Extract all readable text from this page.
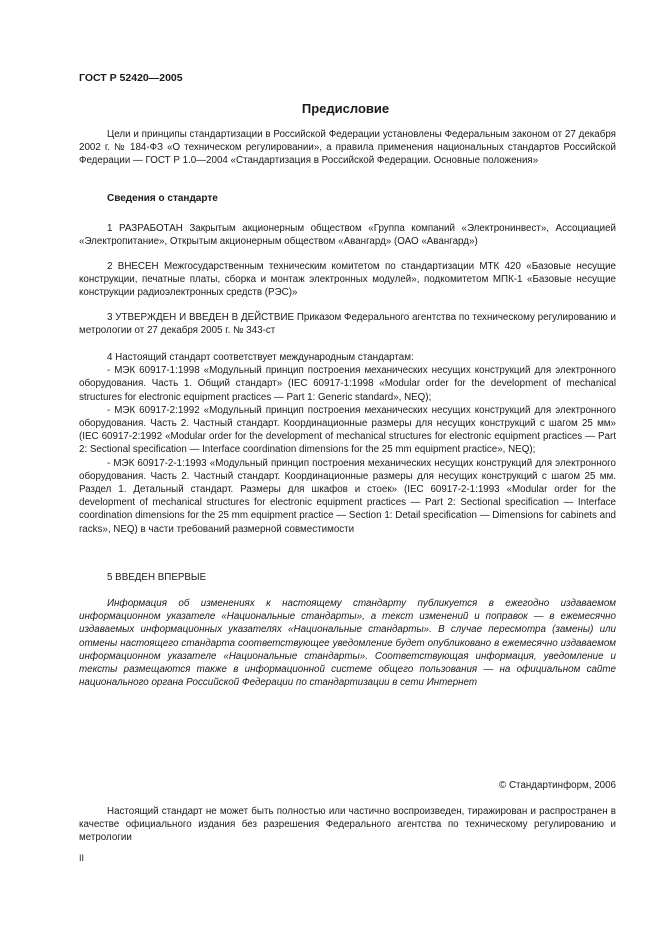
ГОСТ Р 52420—2005
Предисловие

Цели и принципы стандартизации в Российской Федерации установлены Федеральным законом от 27 декабря 2002 г. № 184-ФЗ «О техническом регулировании», а правила применения национальных стандартов Российской Федерации — ГОСТ Р 1.0—2004 «Стандартизация в Российской Федерации. Основные положения»

Сведения о стандарте

1 РАЗРАБОТАН Закрытым акционерным обществом «Группа компаний «Электронинвест», Ассоциацией «Электропитание», Открытым акционерным обществом «Авангард» (ОАО «Авангард»)

2 ВНЕСЕН Межгосударственным техническим комитетом по стандартизации МТК 420 «Базовые несущие конструкции, печатные платы, сборка и монтаж электронных модулей», подкомитетом МПК-1 «Базовые несущие конструкции радиоэлектронных средств (РЭС)»

3 УТВЕРЖДЕН И ВВЕДЕН В ДЕЙСТВИЕ Приказом Федерального агентства по техническому регулированию и метрологии от 27 декабря 2005 г. № 343-ст

4 Настоящий стандарт соответствует международным стандартам:

- МЭК 60917-1:1998 «Модульный принцип построения механических несущих конструкций для электронного оборудования. Часть 1. Общий стандарт» (IEC 60917-1:1998 «Modular order for the development of mechanical structures for electronic equipment practices — Part 1: Generic standard», NEQ);

- МЭК 60917-2:1992 «Модульный принцип построения механических несущих конструкций для электронного оборудования. Часть 2. Частный стандарт. Координационные размеры для несущих конструкций с шагом 25 мм» (IEC 60917-2:1992 «Modular order for the development of mechanical structures for electronic equipment practices — Part 2: Sectional specification — Interface coordination dimensions for the 25 mm equipment practice», NEQ);

- МЭК 60917-2-1:1993 «Модульный принцип построения механических несущих конструкций для электронного оборудования. Часть 2. Частный стандарт. Координационные размеры для несущих конструкций с шагом 25 мм. Раздел 1. Детальный стандарт. Размеры для шкафов и стоек» (IEC 60917-2-1:1993 «Modular order for the development of mechanical structures for electronic equipment practices — Part 2: Sectional specification — Interface coordination dimensions for the 25 mm equipment practice — Section 1: Detail specification — Dimensions for cabinets and racks», NEQ) в части требований размерной совместимости

5 ВВЕДЕН ВПЕРВЫЕ

Информация об изменениях к настоящему стандарту публикуется в ежегодно издаваемом информационном указателе «Национальные стандарты», а текст изменений и поправок — в ежемесячно издаваемых информационных указателях «Национальные стандарты». В случае пересмотра (замены) или отмены настоящего стандарта соответствующее уведомление будет опубликовано в ежемесячно издаваемом информационном указателе «Национальные стандарты». Соответствующая информация, уведомление и тексты размещаются также в информационной системе общего пользования — на официальном сайте национального органа Российской Федерации по стандартизации в сети Интернет

© Стандартинформ, 2006

Настоящий стандарт не может быть полностью или частично воспроизведен, тиражирован и распространен в качестве официального издания без разрешения Федерального агентства по техническому регулированию и метрологии

II
